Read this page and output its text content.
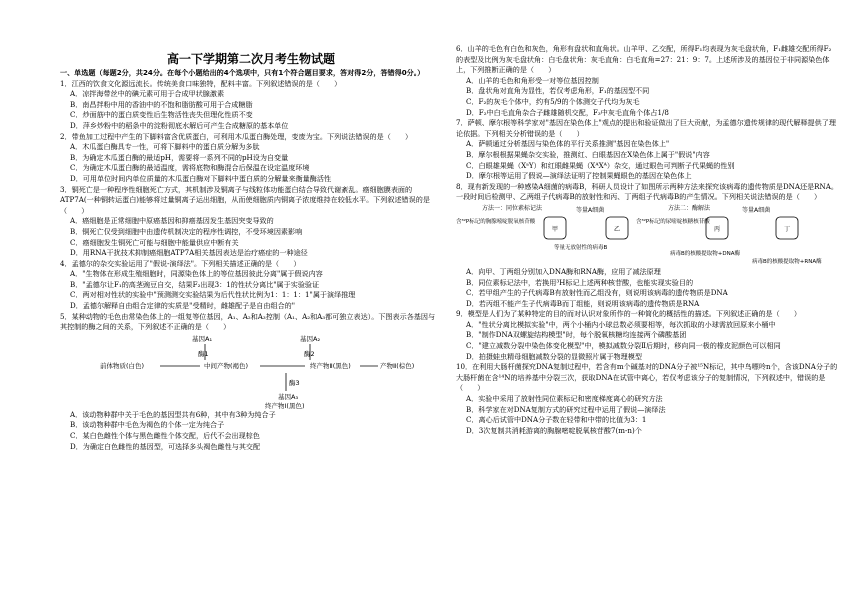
高一下学期第二次月考生物试题

一、单选题（每题2分，共24分。在每个小题给出的4个选项中，只有1个符合题目要求，答对得2分，答错得0分。）

1．江西的饮食文化源远流长。传统美食口味独特，配料丰富。下列叙述错误的是（　　）

A．凉拌海带丝中的碘元素可用于合成甲状腺激素

B．南昌拌粉中用的香油中的不饱和脂肪酸可用于合成糖脂

C．炒面筋中的蛋白质变性后生物活性丧失但理化性质不变

D．萍乡炒粉中的稻条中的淀粉彻底水解后可产生合成糖原的基本单位

2．带鱼加工过程中产生的下脚料富含优质蛋白，可利用木瓜蛋白酶处理，变废为宝。下列说法错误的是（　　）

A．木瓜蛋白酶具专一性，可将下脚料中的蛋白质分解为多肽

B．为确定木瓜蛋白酶的最适pH，需要将一系列不同的pH设为自变量

C．为确定木瓜蛋白酶的最适温度，需将底物和酶混合后保温在设定温度环境

D．可用单位时间内单位质量的木瓜蛋白酶对下脚料中蛋白质的分解量来衡量酶活性

3．铜死亡是一种程序性细胞死亡方式，其机制涉及铜离子与线粒体功能蛋白结合导致代谢紊乱。癌细胞膜表面的ATP7A(一种铜转运蛋白)能够将过量铜离子运出细胞，从而使细胞质内铜离子浓度维持在较低水平。下列叙述错误的是（　　）

A．癌细胞是正常细胞中原癌基因和抑癌基因发生基因突变导致的

B．铜死亡仅受到细胞中由遗传机制决定的程序性调控，不受环境因素影响

C．癌细胞发生铜死亡可能与细胞中能量供应中断有关

D．用RNA干扰技术抑制癌细胞ATP7A相关基因表达是治疗癌症的一种途径

4．孟德尔的杂交实验运用了"假说-演绎法"。下列相关描述正确的是（　　）

A．"生物体在形成生殖细胞时，同源染色体上的等位基因彼此分离"属于假说内容

B．"孟德尔让F₁的高茎豌豆自交，结果F₂出现3：1的性状分离比"属于实验验证

C．两对相对性状的实验中"预测测交实验结果为后代性状比例为1：1：1：1"属于演绎推理

D．孟德尔解释自由组合定律的实质是"受精时，雌雄配子是自由组合的"

5．某种动物的毛色由常染色体上的一组复等位基因，A₁、A₂和A₃控制（A₁、A₂和A₃都可独立表达）。下图表示各基因与其控制的酶之间的关系，下列叙述不正确的是（　　）

基因A₁	基因A₂
基因A₃
酶1	酶2
酶3
前体物质(白色)	中间产物(褐色)	终产物Ⅱ(黑色)	产物Ⅱ(棕色)
终产物Ⅰ(黑色)

A．该动物种群中关于毛色的基因型共有6种，其中有3种为纯合子

B．该动物种群中毛色为褐色的个体一定为纯合子

C．某白色雌性个体与黑色雌性个体交配，后代不会出现棕色

D．为确定白色雌性的基因型，可选择多头褐色雌性与其交配

6．山羊的毛色有白色和灰色，角形有盘状和直角状。山羊甲、乙交配，所得F₁均表现为灰毛盘状角，F₁雌雄交配所得F₂的表型及比例为灰毛盘状角：白毛盘状角：灰毛直角：白毛直角=27：21：9：7。上述所涉及的基因位于非同源染色体上，下列推断正确的是（　　）

A．山羊的毛色和角形受一对等位基因控制

B．盘状角对直角为显性，若仅考虑角形，F₁的基因型不同

C．F₂的灰毛个体中，约有5/9的个体测交子代均为灰毛

D．F₂中白毛直角杂合子雌雄随机交配，F₃中灰毛直角个体占1/8

7．萨顿、摩尔根等科学家对"基因在染色体上"观点的提出和验证做出了巨大贡献，为孟德尔遗传规律的现代解释提供了理论依据。下列相关分析错误的是（　　）

A．萨顿通过分析基因与染色体的平行关系推测"基因在染色体上"

B．摩尔根根据果蝇杂交实验，推测红、白眼基因在X染色体上属于"假说"内容

C．白眼雄果蝇（XᵃY）和红眼雌果蝇（XᴬXᴬ）杂交，通过眼色可判断子代果蝇的性别

D．摩尔根等运用了假说—演绎法证明了控制果蝇眼色的基因在染色体上

8．现有新发现的一种感染A细菌的病毒B，科研人员设计了如图所示两种方法来探究该病毒的遗传物质是DNA还是RNA。一段时间后检测甲、乙两组子代病毒B的放射性和丙、丁两组子代病毒B的产生情况。下列相关说法错误的是（　　）

方法一：同位素标记法	方法二：酶解法
等量A细菌	等量A细菌
甲	乙	丙	丁
含³²P标记的胸腺嘧啶脱氧核苷酸	含³²P标记的尿嘧啶核糖核苷酸
等量无放射性的病毒B
病毒B的核酸提取物+DNA酶
病毒B的核酸提取物+RNA酶

A．向甲、丁两组分别加入DNA酶和RNA酶，应用了减法原理

B．同位素标记法中，若换用³H标记上述两种核苷酸，也能实现实验目的

C．若甲组产生的子代病毒B有放射性而乙组没有，则说明该病毒的遗传物质是DNA

D．若丙组不能产生子代病毒B而丁组能，则说明该病毒的遗传物质是RNA

9．模型是人们为了某种特定的目的而对认识对象所作的一种简化的概括性的描述。下列叙述正确的是（　　）

A．"性状分离比模拟实验"中，两个小桶内小球总数必须要相等，每次抓取的小球需放回原来小桶中

B．"制作DNA双螺旋结构模型"时，每个脱氧核糖均连接两个磷酸基团

C．"建立减数分裂中染色体变化模型"中，模拟减数分裂Ⅱ后期时，移向同一极的橡皮泥颜色可以相同

D．拍摄蛙虫精母细胞减数分裂的显微照片属于物理模型

10．在利用大肠杆菌探究DNA复制过程中，若含有m个碱基对的DNA分子被¹⁵N标记，其中鸟嘌呤n个，含该DNA分子的大肠杆菌在含¹⁴N的培养基中分裂三次，获取DNA在试管中离心，若仅考虑该分子的复制情况，下列叙述中，错误的是（　　）

A．实验中采用了放射性同位素标记和密度梯度离心的研究方法

B．科学家在对DNA复制方式的研究过程中运用了假说—演绎法

C．离心后试管中DNA分子数在轻带和中带的比值为3：1

D．3次复制共消耗游离的胸腺嘧啶脱氧核苷酸7(m-n)个
